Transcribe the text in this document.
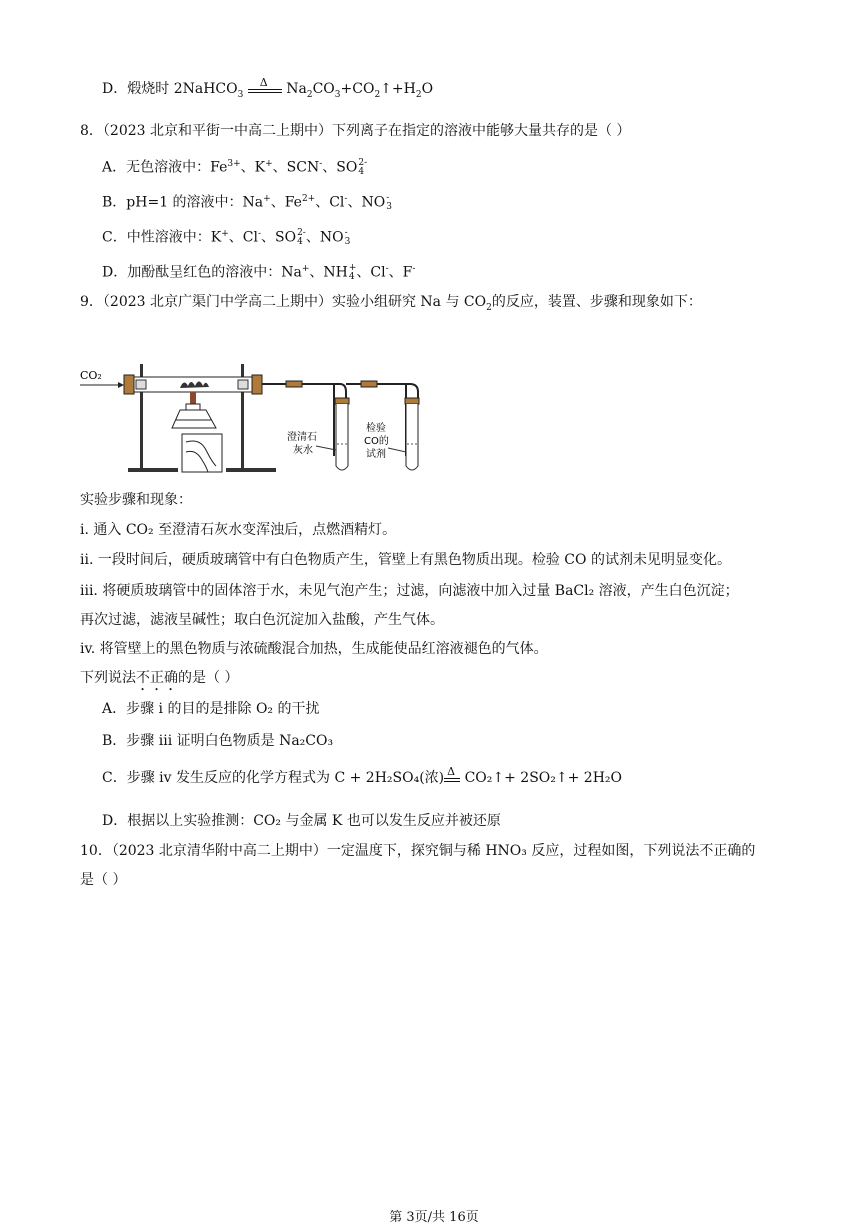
D．煅烧时 2NaHCO$_3$
Δ $Na_2CO_3+CO_2↑+H_2O$
8．（2023 北京和平街一中高二上期中）下列离子在指定的溶液中能够大量共存的是（ ）
A．无色溶液中：$Fe^{3+}$、K+、SCN-、SO 2-
4
B．pH=1 的溶液中：Na+、$Fe^{2+}$、Cl-、NO -
3
C．中性溶液中：K+、Cl-、SO 2-
4 、NO -
3
D．加酚酞呈红色的溶液中：Na+、NH +
4 、Cl-、F-
9．（2023 北京广渠门中学高二上期中）实验小组研究 Na 与 $CO_2$的反应，装置、步骤和现象如下：
CO₂
澄清石
灰水
检验
CO的
试剂
实验步骤和现象：
i. 通入 CO₂ 至澄清石灰水变浑浊后，点燃酒精灯。
ii. 一段时间后，硬质玻璃管中有白色物质产生，管壁上有黑色物质出现。检验 CO 的试剂未见明显变化。
iii. 将硬质玻璃管中的固体溶于水，未见气泡产生；过滤，向滤液中加入过量 BaCl₂ 溶液，产生白色沉淀；
再次过滤，滤液呈碱性；取白色沉淀加入盐酸，产生气体。
iv. 将管壁上的黑色物质与浓硫酸混合加热，生成能使品红溶液褪色的气体。
下列说法不正确的是（ ）
A．步骤 i 的目的是排除 O₂ 的干扰
B．步骤 iii 证明白色物质是 Na₂CO₃
C．步骤 iv 发生反应的化学方程式为 C + 2H₂SO₄(浓) Δ CO₂↑+ 2SO₂↑+ 2H₂O
D．根据以上实验推测：CO₂ 与金属 K 也可以发生反应并被还原
10．（2023 北京清华附中高二上期中）一定温度下，探究铜与稀 HNO₃ 反应，过程如图，下列说法不正确的
是（ ）
第 3页/共 16页
